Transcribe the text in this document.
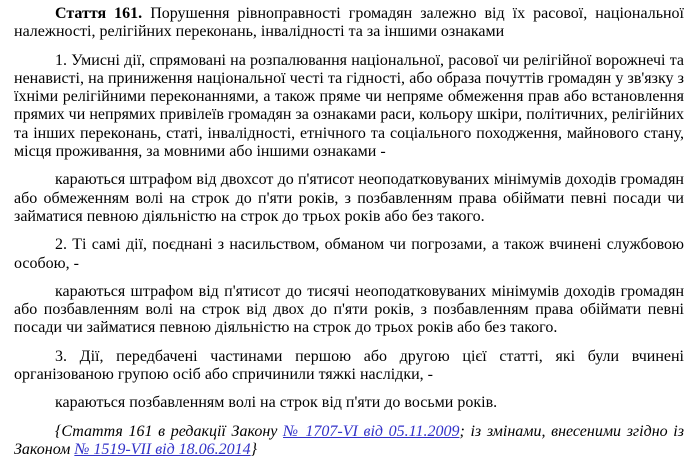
Стаття 161. Порушення рівноправності громадян залежно від їх расової, національної належності, релігійних переконань, інвалідності та за іншими ознаками

1. Умисні дії, спрямовані на розпалювання національної, расової чи релігійної ворожнечі та ненависті, на приниження національної честі та гідності, або образа почуттів громадян у зв'язку з їхніми релігійними переконаннями, а також пряме чи непряме обмеження прав або встановлення прямих чи непрямих привілеїв громадян за ознаками раси, кольору шкіри, політичних, релігійних та інших переконань, статі, інвалідності, етнічного та соціального походження, майнового стану, місця проживання, за мовними або іншими ознаками -

караються штрафом від двохсот до п'ятисот неоподатковуваних мінімумів доходів громадян або обмеженням волі на строк до п'яти років, з позбавленням права обіймати певні посади чи займатися певною діяльністю на строк до трьох років або без такого.

2. Ті самі дії, поєднані з насильством, обманом чи погрозами, а також вчинені службовою особою, -

караються штрафом від п'ятисот до тисячі неоподатковуваних мінімумів доходів громадян або позбавленням волі на строк від двох до п'яти років, з позбавленням права обіймати певні посади чи займатися певною діяльністю на строк до трьох років або без такого.

3. Дії, передбачені частинами першою або другою цієї статті, які були вчинені організованою групою осіб або спричинили тяжкі наслідки, -

караються позбавленням волі на строк від п'яти до восьми років.

{Стаття 161 в редакції Закону № 1707-VI від 05.11.2009; із змінами, внесеними згідно із Законом № 1519-VII від 18.06.2014}
